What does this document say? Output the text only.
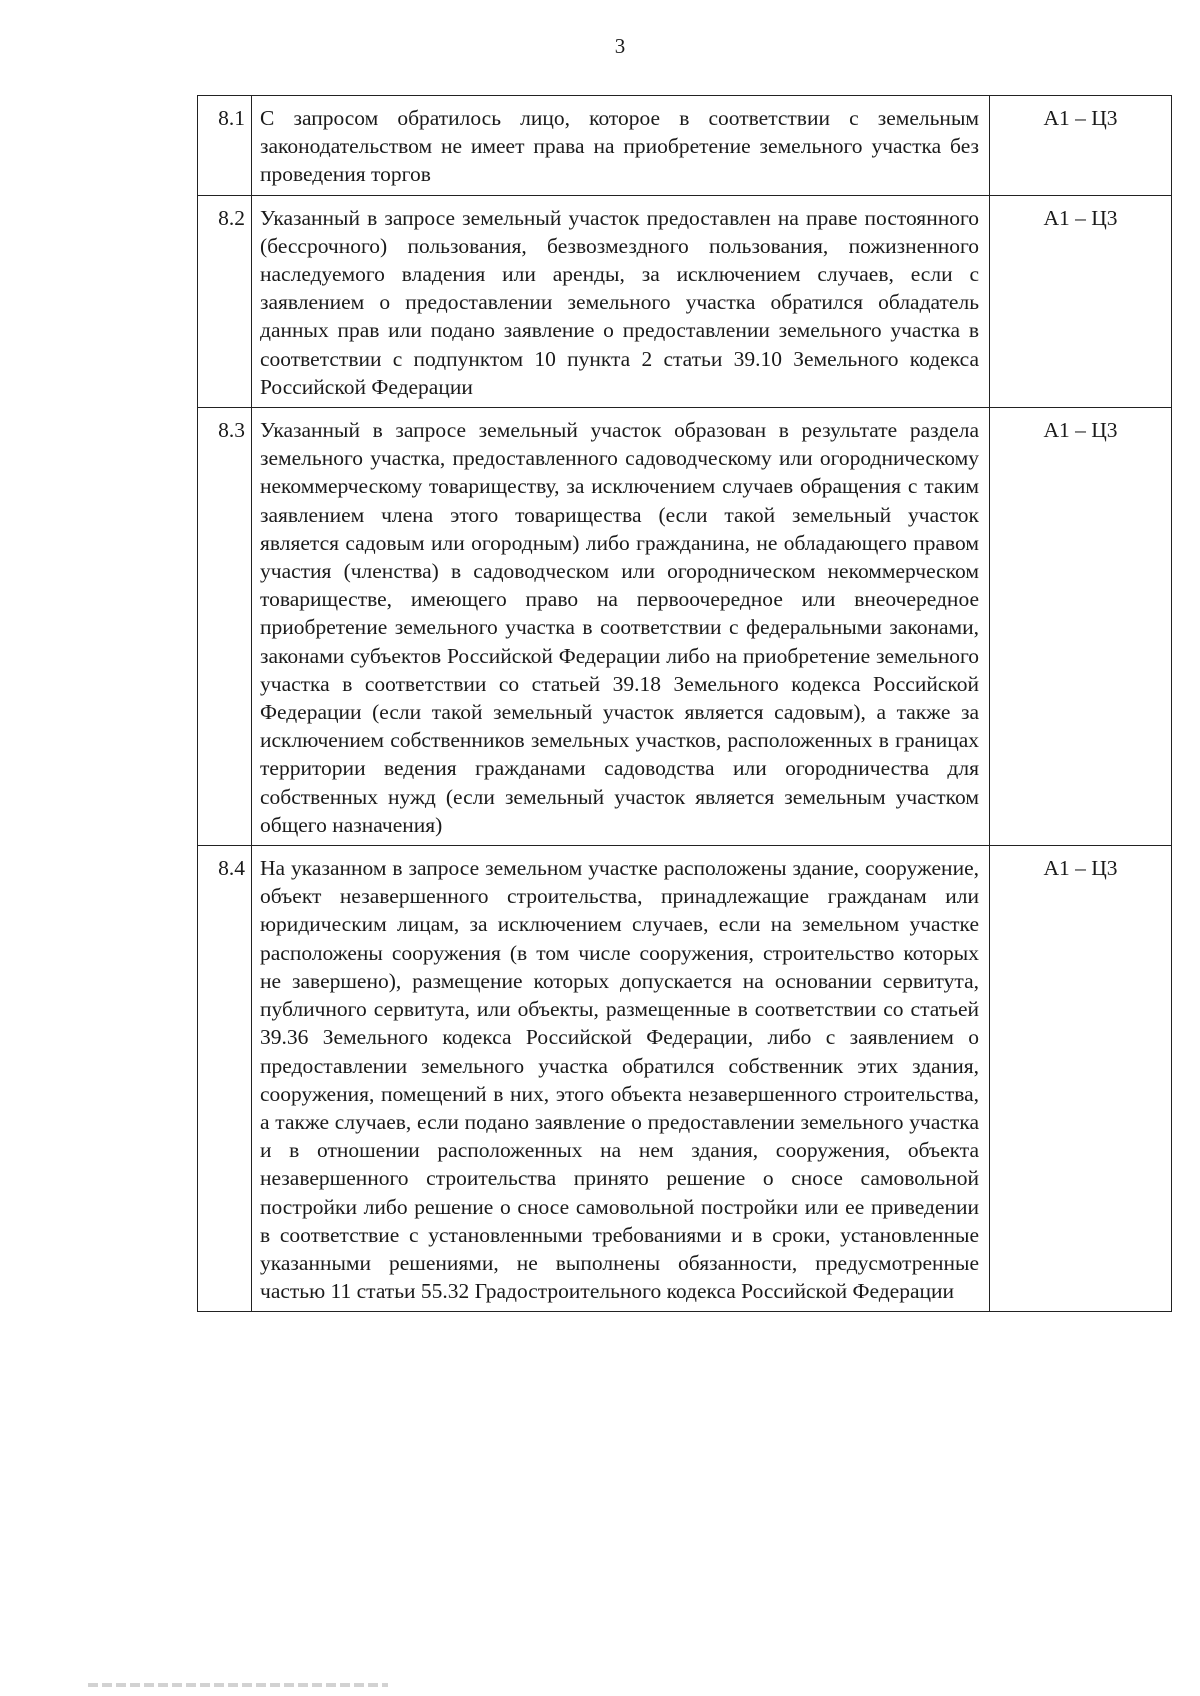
3
8.1	С запросом обратилось лицо, которое в соответствии с земельным законодательством не имеет права на приобретение земельного участка без проведения торгов	А1 – Ц3
8.2	Указанный в запросе земельный участок предоставлен на праве постоянного (бессрочного) пользования, безвозмездного пользования, пожизненного наследуемого владения или аренды, за исключением случаев, если с заявлением о предоставлении земельного участка обратился обладатель данных прав или подано заявление о предоставлении земельного участка в соответствии с подпунктом 10 пункта 2 статьи 39.10 Земельного кодекса Российской Федерации	А1 – Ц3
8.3	Указанный в запросе земельный участок образован в результате раздела земельного участка, предоставленного садоводческому или огородническому некоммерческому товариществу, за исключением случаев обращения с таким заявлением члена этого товарищества (если такой земельный участок является садовым или огородным) либо гражданина, не обладающего правом участия (членства) в садоводческом или огородническом некоммерческом товариществе, имеющего право на первоочередное или внеочередное приобретение земельного участка в соответствии с федеральными законами, законами субъектов Российской Федерации либо на приобретение земельного участка в соответствии со статьей 39.18 Земельного кодекса Российской Федерации (если такой земельный участок является садовым), а также за исключением собственников земельных участков, расположенных в границах территории ведения гражданами садоводства или огородничества для собственных нужд (если земельный участок является земельным участком общего назначения)	А1 – Ц3
8.4	На указанном в запросе земельном участке расположены здание, сооружение, объект незавершенного строительства, принадлежащие гражданам или юридическим лицам, за исключением случаев, если на земельном участке расположены сооружения (в том числе сооружения, строительство которых не завершено), размещение которых допускается на основании сервитута, публичного сервитута, или объекты, размещенные в соответствии со статьей 39.36 Земельного кодекса Российской Федерации, либо с заявлением о предоставлении земельного участка обратился собственник этих здания, сооружения, помещений в них, этого объекта незавершенного строительства, а также случаев, если подано заявление о предоставлении земельного участка и в отношении расположенных на нем здания, сооружения, объекта незавершенного строительства принято решение о сносе самовольной постройки либо решение о сносе самовольной постройки или ее приведении в соответствие с установленными требованиями и в сроки, установленные указанными решениями, не выполнены обязанности, предусмотренные частью 11 статьи 55.32 Градостроительного кодекса Российской Федерации	А1 – Ц3
